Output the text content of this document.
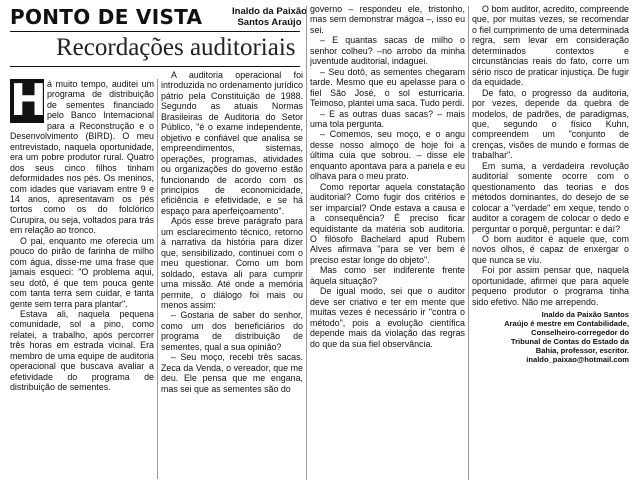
PONTO DE VISTA	Inaldo da Paixão
Santos Araújo
Recordações auditoriais
H á muito tempo, auditei um programa de distribuição de sementes financiado pelo Banco Internacional para a Reconstrução e o Desenvolvimento (BIRD). O meu entrevistado, naquela oportunidade, era um pobre produtor rural. Quatro dos seus cinco filhos tinham deformidades nos pés. Os meninos, com idades que variavam entre 9 e 14 anos, apresentavam os pés tortos como os do folclórico Curupira, ou seja, voltados para trás em relação ao tronco.

O pai, enquanto me oferecia um pouco do pirão de farinha de milho com água, disse-me uma frase que jamais esqueci: "O problema aqui, seu dotô, é que tem pouca gente com tanta terra sem cuidar, e tanta gente sem terra para plantar".

Estava ali, naquela pequena comunidade, sol a pino, como relatei, a trabalho, após percorrer três horas em estrada vicinal. Era membro de uma equipe de auditoria operacional que buscava avaliar a efetividade do programa de distribuição de sementes.

A auditoria operacional foi introduzida no ordenamento jurídico pátrio pela Constituição de 1988. Segundo as atuais Normas Brasileiras de Auditoria do Setor Público, "é o exame independente, objetivo e confiável que analisa se empreendimentos, sistemas, operações, programas, atividades ou organizações do governo estão funcionando de acordo com os princípios de economicidade, eficiência e efetividade, e se há espaço para aperfeiçoamento".

Após esse breve parágrafo para um esclarecimento técnico, retorno à narrativa da história para dizer que, sensibilizado, continuei com o meu questionar. Como um bom soldado, estava ali para cumprir uma missão. Até onde a memória permite, o diálogo foi mais ou menos assim:

– Gostaria de saber do senhor, como um dos beneficiários do programa de distribuição de sementes, qual a sua opinião?

– Seu moço, recebi três sacas. Zeca da Venda, o vereador, que me deu. Ele pensa que me engana, mas sei que as sementes são do

governo – respondeu ele, tristonho, mas sem demonstrar mágoa –, isso eu sei.

– E quantas sacas de milho o senhor colheu? –no arrobo da minha juventude auditorial, indaguei.

– Seu dotô, as sementes chegaram tarde. Mesmo que eu apelasse para o fiel São José, o sol esturricaria. Teimoso, plantei uma saca. Tudo perdi.

– E as outras duas sacas? – mais uma tola pergunta.

– Comemos, seu moço, e o angu desse nosso almoço de hoje foi a última cuia que sobrou. – disse ele enquanto apontava para a panela e eu olhava para o meu prato.

Como reportar aquela constatação auditorial? Como fugir dos critérios e ser imparcial? Onde estava a causa e a consequência? É preciso ficar equidistante da matéria sob auditoria. O filósofo Bachelard apud Rubem Alves afirmava "para se ver bem é preciso estar longe do objeto".

Mas como ser indiferente frente àquela situação?

De igual modo, sei que o auditor deve ser criativo e ter em mente que muitas vezes é necessário ir "contra o método", pois a evolução científica depende mais da violação das regras do que da sua fiel observância.

O bom auditor, acredito, compreende que, por muitas vezes, se recomendar o fiel cumprimento de uma determinada regra, sem levar em consideração determinados contextos e circunstâncias reais do fato, corre um sério risco de praticar injustiça. De fugir da equidade.

De fato, o progresso da auditoria, por vezes, depende da quebra de modelos, de padrões, de paradigmas, que, segundo o físico Kuhn, compreendem um "conjunto de crenças, visões de mundo e formas de trabalhar".

Em suma, a verdadeira revolução auditorial somente ocorre com o questionamento das teorias e dos métodos dominantes, do desejo de se colocar a "verdade" em xeque, tendo o auditor a coragem de colocar o dedo e perguntar o porquê, perguntar: e daí?

O bom auditor é aquele que, com novos olhos, é capaz de enxergar o que nunca se viu.

Foi por assim pensar que, naquela oportunidade, afirmei que para aquele pequeno produtor o programa tinha sido efetivo. Não me arrependo.

Inaldo da Paixão Santos
Araújo é mestre em Contabilidade,
Conselheiro-corregedor do
Tribunal de Contas do Estado da
Bahia, professor, escritor.
inaldo_paixao@hotmail.com
